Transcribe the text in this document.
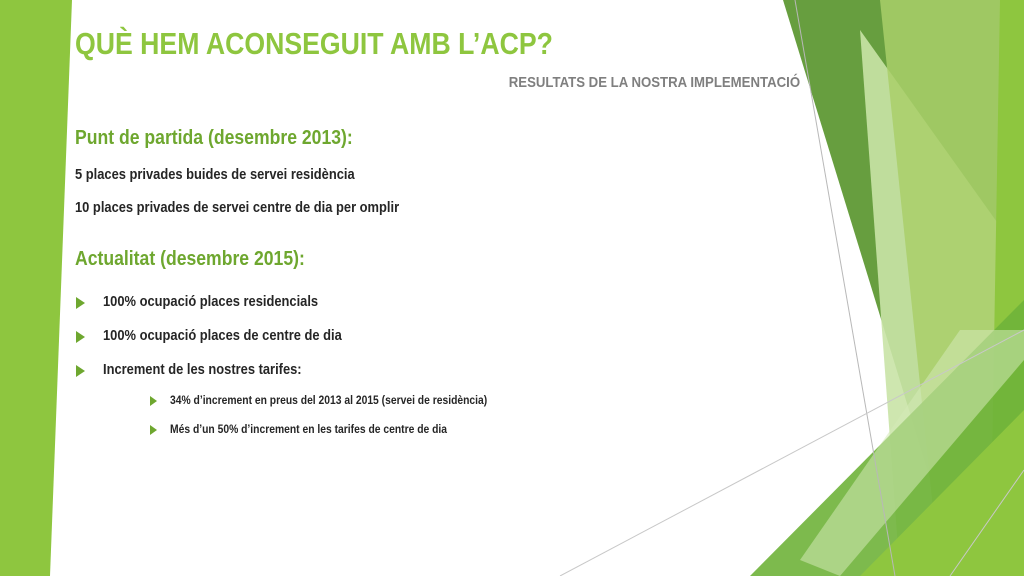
QUÈ HEM ACONSEGUIT AMB L’ACP?
RESULTATS DE LA NOSTRA IMPLEMENTACIÓ
Punt de partida (desembre 2013):
5 places privades buides de servei residència
10 places privades de servei centre de dia per omplir
Actualitat (desembre 2015):
100% ocupació places residencials
100% ocupació places de centre de dia
Increment de les nostres tarifes:
34% d’increment en preus del 2013 al 2015 (servei de residència)
Més d’un 50% d’increment en les tarifes de centre de dia
